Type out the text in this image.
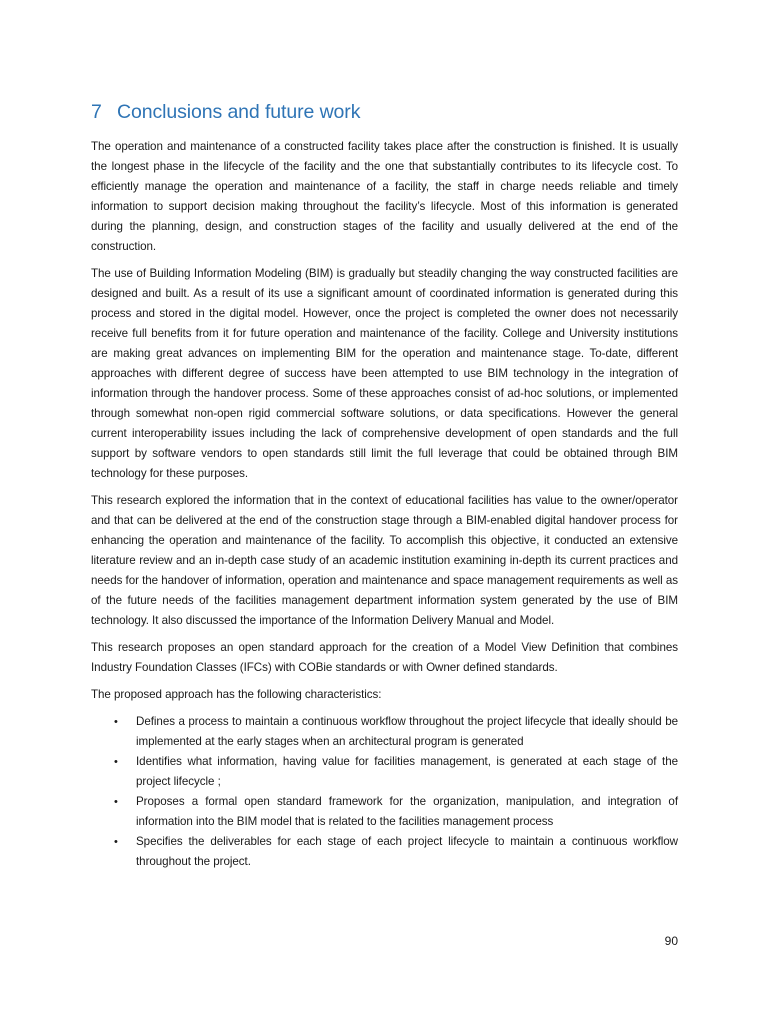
7 Conclusions and future work

The operation and maintenance of a constructed facility takes place after the construction is finished. It is usually the longest phase in the lifecycle of the facility and the one that substantially contributes to its lifecycle cost. To efficiently manage the operation and maintenance of a facility, the staff in charge needs reliable and timely information to support decision making throughout the facility’s lifecycle. Most of this information is generated during the planning, design, and construction stages of the facility and usually delivered at the end of the construction.

The use of Building Information Modeling (BIM) is gradually but steadily changing the way constructed facilities are designed and built. As a result of its use a significant amount of coordinated information is generated during this process and stored in the digital model. However, once the project is completed the owner does not necessarily receive full benefits from it for future operation and maintenance of the facility. College and University institutions are making great advances on implementing BIM for the operation and maintenance stage. To-date, different approaches with different degree of success have been attempted to use BIM technology in the integration of information through the handover process. Some of these approaches consist of ad-hoc solutions, or implemented through somewhat non-open rigid commercial software solutions, or data specifications. However the general current interoperability issues including the lack of comprehensive development of open standards and the full support by software vendors to open standards still limit the full leverage that could be obtained through BIM technology for these purposes.

This research explored the information that in the context of educational facilities has value to the owner/operator and that can be delivered at the end of the construction stage through a BIM-enabled digital handover process for enhancing the operation and maintenance of the facility. To accomplish this objective, it conducted an extensive literature review and an in-depth case study of an academic institution examining in-depth its current practices and needs for the handover of information, operation and maintenance and space management requirements as well as of the future needs of the facilities management department information system generated by the use of BIM technology. It also discussed the importance of the Information Delivery Manual and Model.

This research proposes an open standard approach for the creation of a Model View Definition that combines Industry Foundation Classes (IFCs) with COBie standards or with Owner defined standards.

The proposed approach has the following characteristics:

• Defines a process to maintain a continuous workflow throughout the project lifecycle that ideally should be implemented at the early stages when an architectural program is generated
• Identifies what information, having value for facilities management, is generated at each stage of the project lifecycle ;
• Proposes a formal open standard framework for the organization, manipulation, and integration of information into the BIM model that is related to the facilities management process
• Specifies the deliverables for each stage of each project lifecycle to maintain a continuous workflow throughout the project.
90
